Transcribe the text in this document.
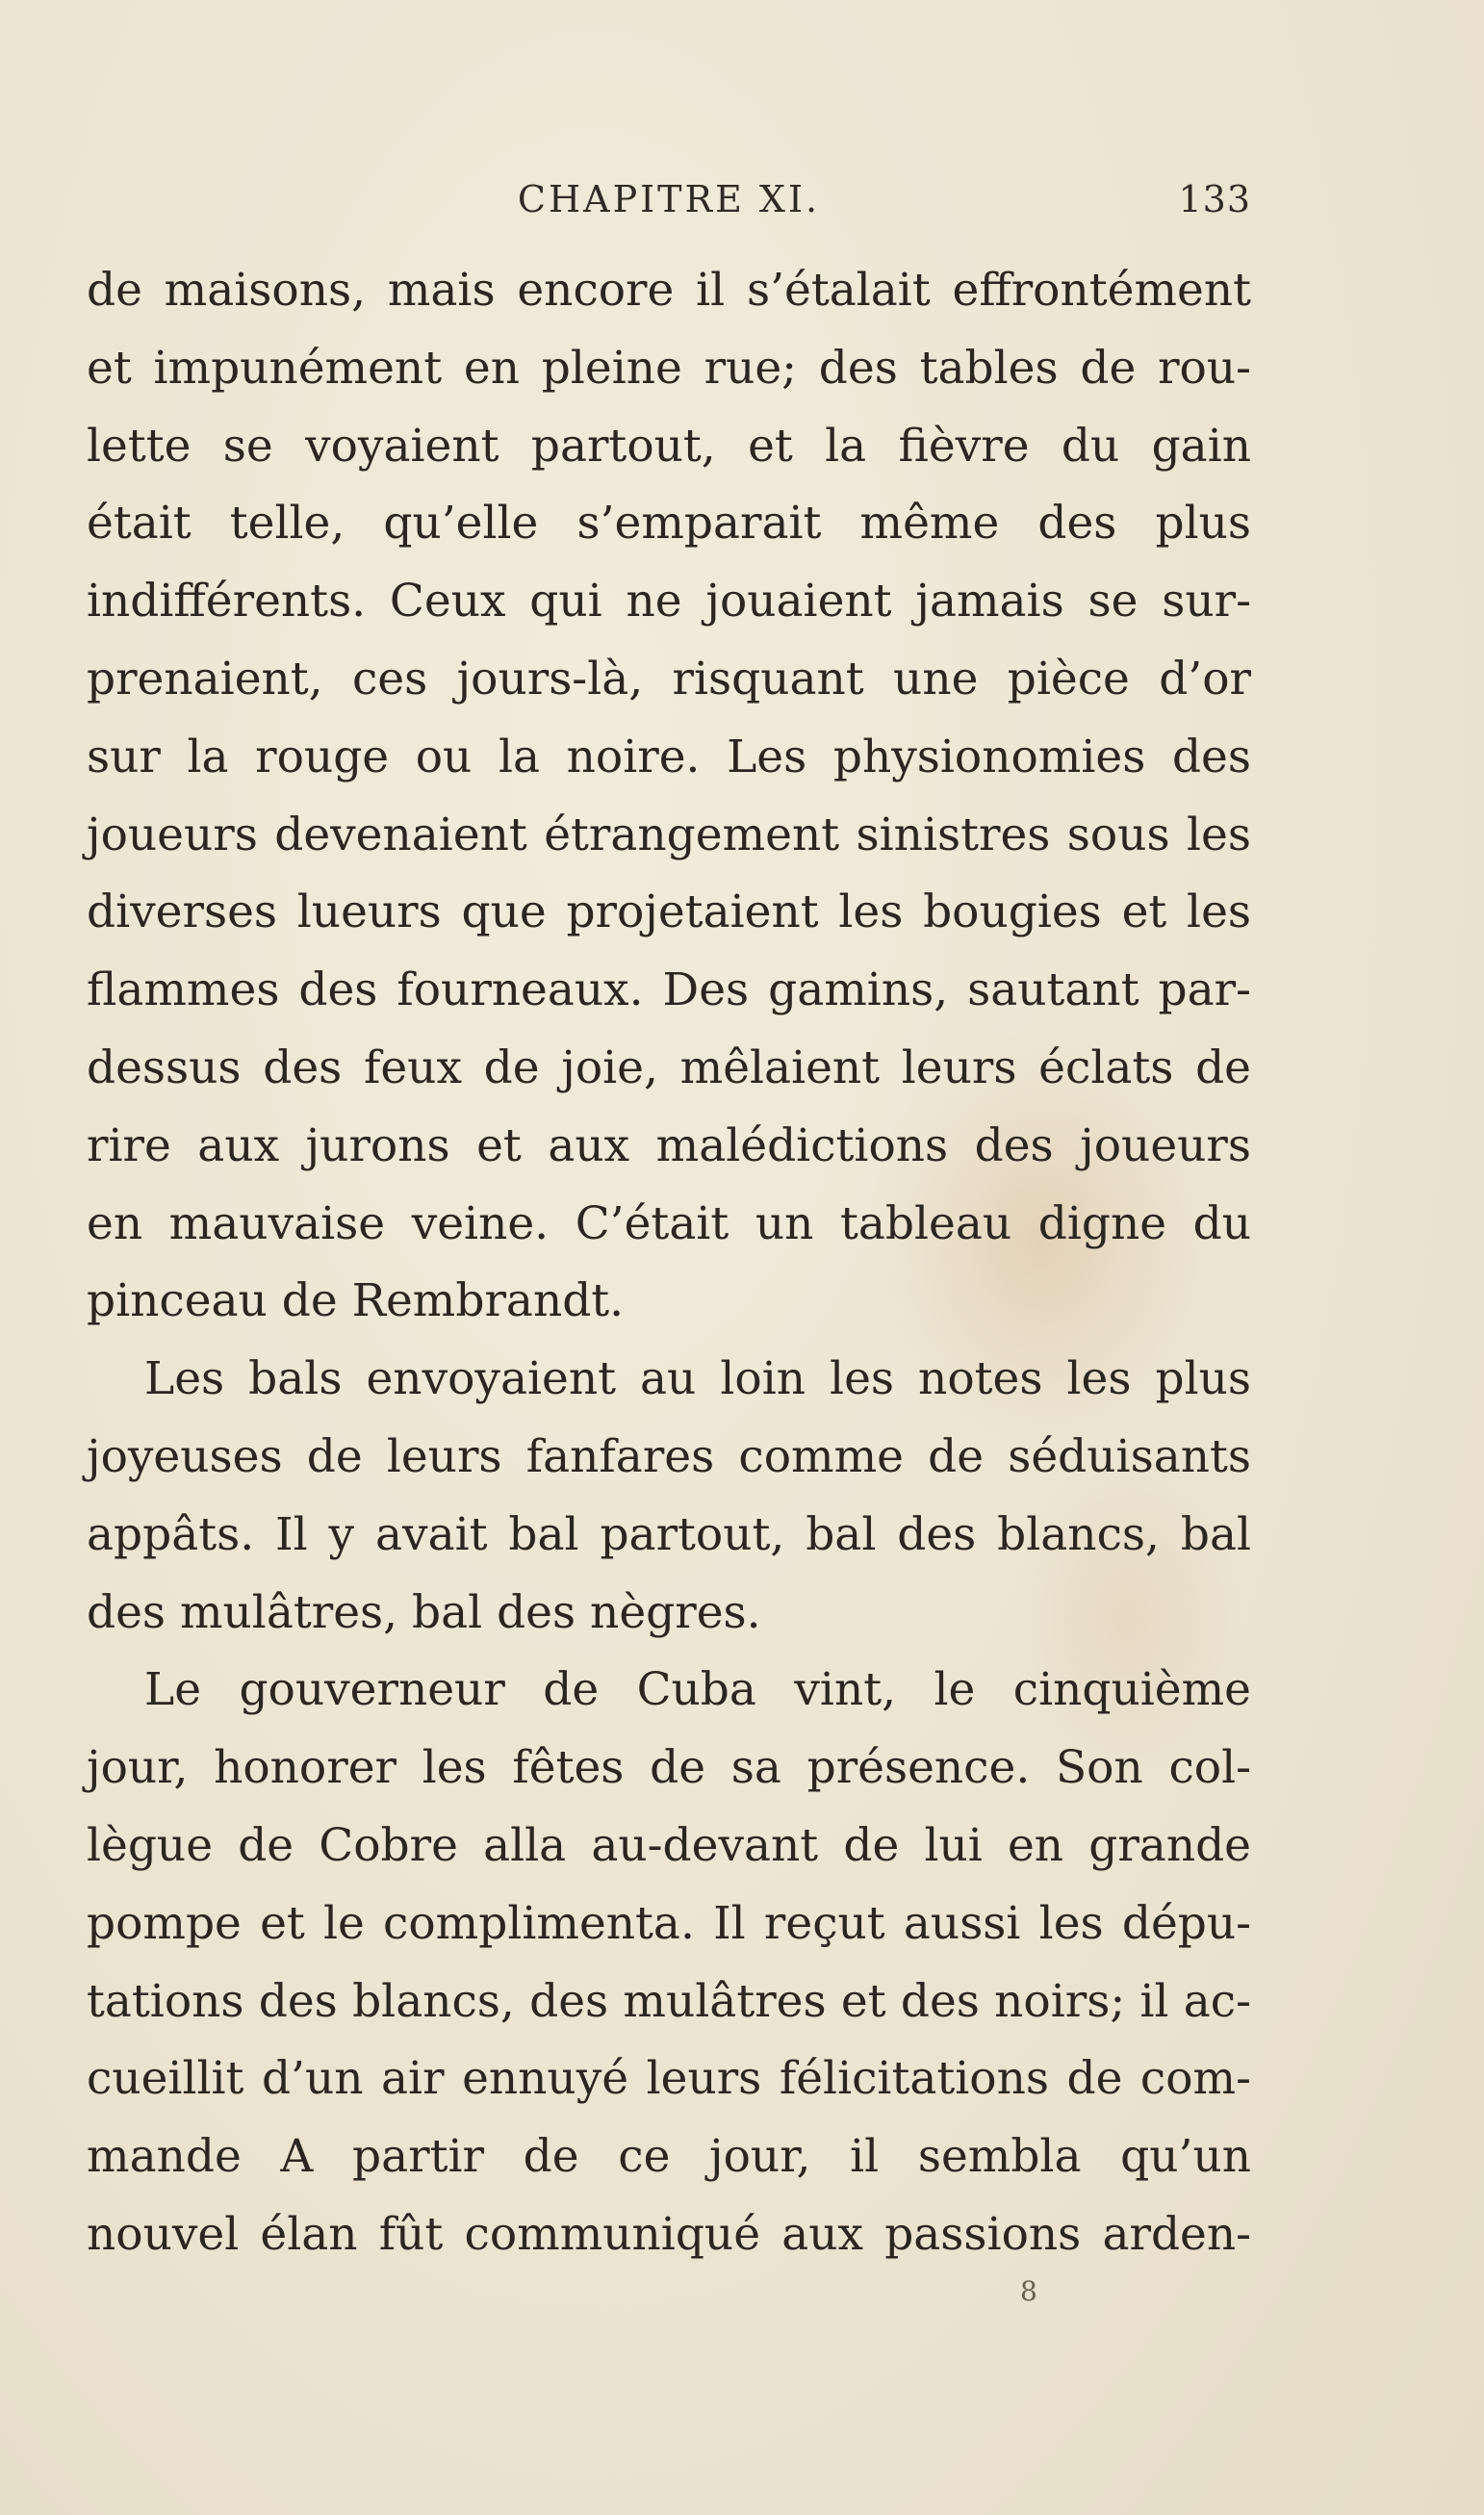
CHAPITRE XI.	133
de maisons, mais encore il s’étalait effrontément
et impunément en pleine rue; des tables de rou-
lette se voyaient partout, et la fièvre du gain
était telle, qu’elle s’emparait même des plus
indifférents. Ceux qui ne jouaient jamais se sur-
prenaient, ces jours-là, risquant une pièce d’or
sur la rouge ou la noire. Les physionomies des
joueurs devenaient étrangement sinistres sous les
diverses lueurs que projetaient les bougies et les
flammes des fourneaux. Des gamins, sautant par-
dessus des feux de joie, mêlaient leurs éclats de
rire aux jurons et aux malédictions des joueurs
en mauvaise veine. C’était un tableau digne du
pinceau de Rembrandt.
Les bals envoyaient au loin les notes les plus
joyeuses de leurs fanfares comme de séduisants
appâts. Il y avait bal partout, bal des blancs, bal
des mulâtres, bal des nègres.
Le gouverneur de Cuba vint, le cinquième
jour, honorer les fêtes de sa présence. Son col-
lègue de Cobre alla au-devant de lui en grande
pompe et le complimenta. Il reçut aussi les dépu-
tations des blancs, des mulâtres et des noirs; il ac-
cueillit d’un air ennuyé leurs félicitations de com-
mande A partir de ce jour, il sembla qu’un
nouvel élan fût communiqué aux passions arden-
8
